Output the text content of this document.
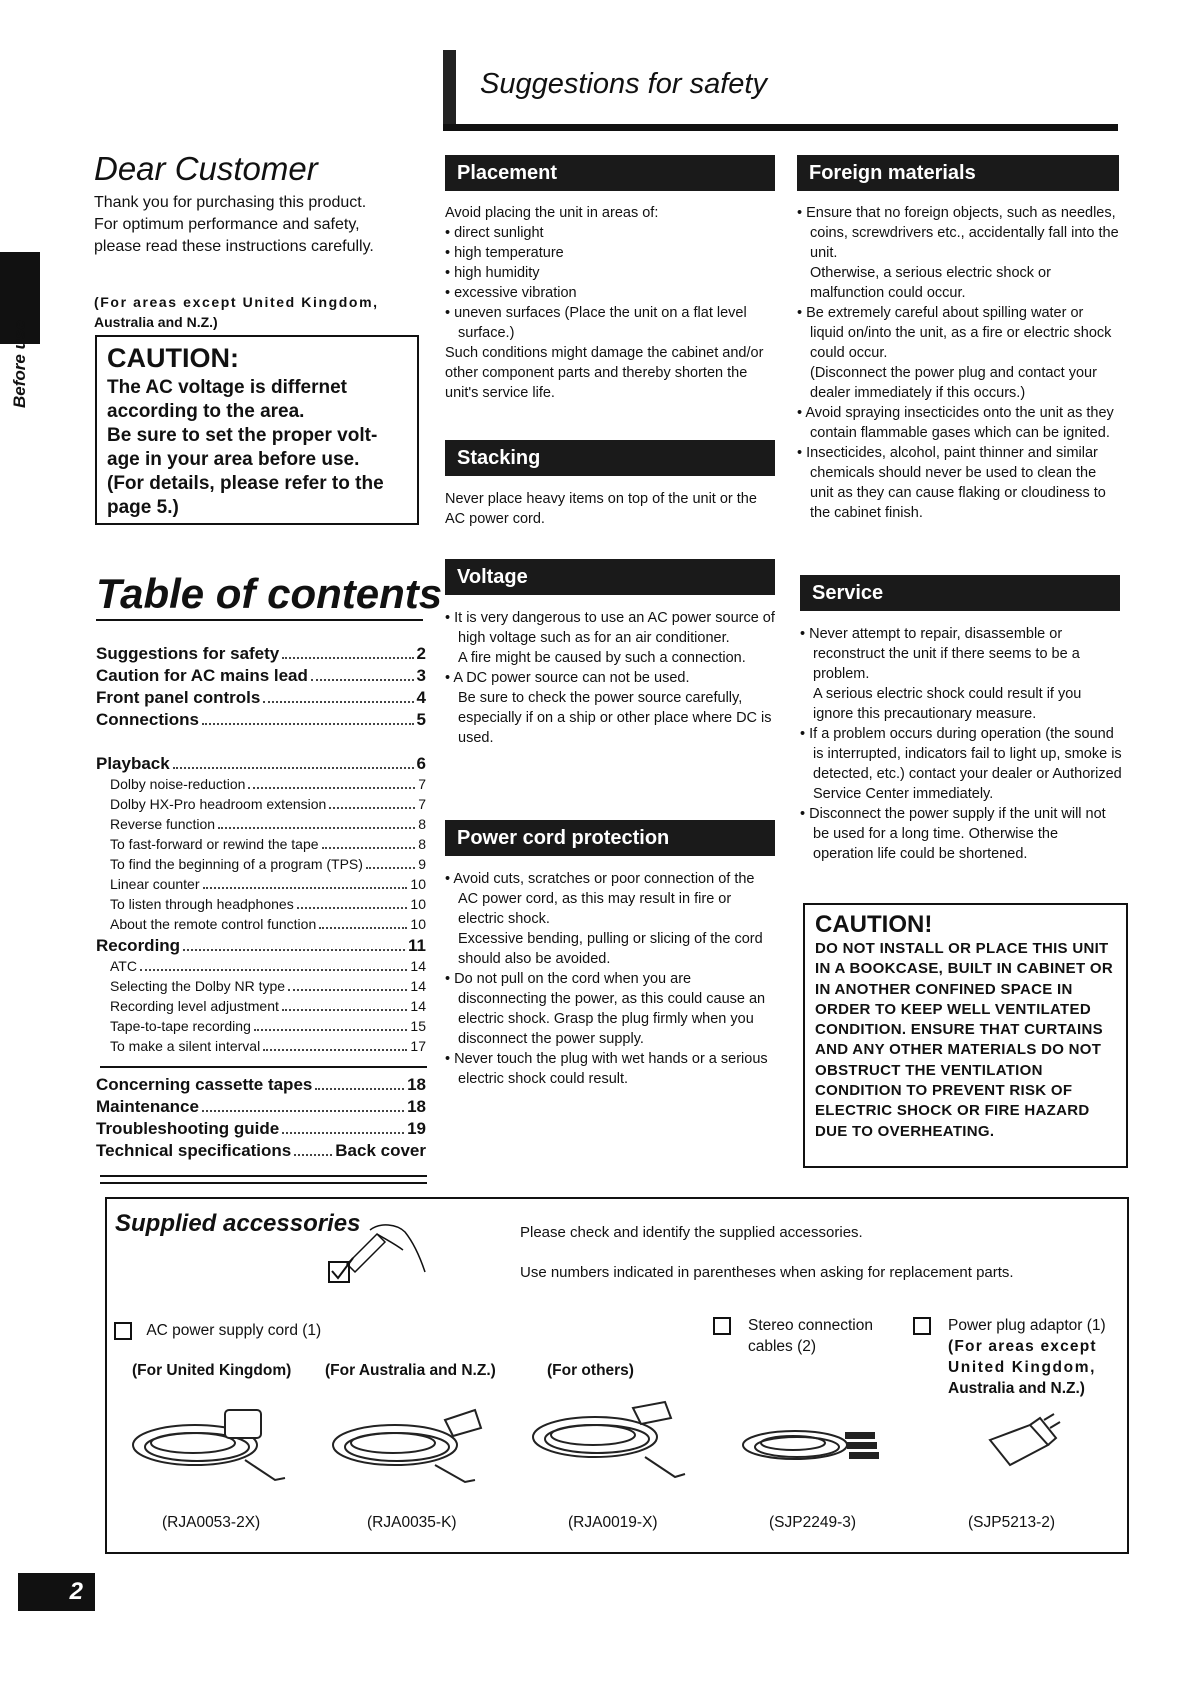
Before use
Suggestions for safety
Dear Customer
Thank you for purchasing this product.
For optimum performance and safety,
please read these instructions carefully.
(For areas except United Kingdom,
Australia and N.Z.)
CAUTION:
The AC voltage is differnet
according to the area.
Be sure to set the proper volt-
age in your area before use.
(For details, please refer to the
page 5.)
Table of contents
Suggestions for safety	2
Caution for AC mains lead	3
Front panel controls	4
Connections	5
Playback	6
Dolby noise-reduction	7
Dolby HX-Pro headroom extension	7
Reverse function	8
To fast-forward or rewind the tape	8
To find the beginning of a program (TPS)	9
Linear counter	10
To listen through headphones	10
About the remote control function	10
Recording	11
ATC	14
Selecting the Dolby NR type	14
Recording level adjustment	14
Tape-to-tape recording	15
To make a silent interval	17
Concerning cassette tapes	18
Maintenance	18
Troubleshooting guide	19
Technical specifications	Back cover
Placement

Avoid placing the unit in areas of:

• direct sunlight

• high temperature

• high humidity

• excessive vibration

• uneven surfaces (Place the unit on a flat level surface.)

Such conditions might damage the cabinet and/or other component parts and thereby shorten the unit's service life.

Stacking
Never place heavy items on top of the unit or the AC power cord.
Voltage

• It is very dangerous to use an AC power source of high voltage such as for an air conditioner.

A fire might be caused by such a connection.

• A DC power source can not be used.

Be sure to check the power source carefully, especially if on a ship or other place where DC is used.

Power cord protection

• Avoid cuts, scratches or poor connection of the AC power cord, as this may result in fire or electric shock.

Excessive bending, pulling or slicing of the cord should also be avoided.

• Do not pull on the cord when you are disconnecting the power, as this could cause an electric shock. Grasp the plug firmly when you disconnect the power supply.

• Never touch the plug with wet hands or a serious electric shock could result.

Foreign materials

• Ensure that no foreign objects, such as needles, coins, screwdrivers etc., accidentally fall into the unit.

Otherwise, a serious electric shock or malfunction could occur.

• Be extremely careful about spilling water or liquid on/into the unit, as a fire or electric shock could occur.

(Disconnect the power plug and contact your dealer immediately if this occurs.)

• Avoid spraying insecticides onto the unit as they contain flammable gases which can be ignited.

• Insecticides, alcohol, paint thinner and similar chemicals should never be used to clean the unit as they can cause flaking or cloudiness to the cabinet finish.

Service

• Never attempt to repair, disassemble or reconstruct the unit if there seems to be a problem.

A serious electric shock could result if you ignore this precautionary measure.

• If a problem occurs during operation (the sound is interrupted, indicators fail to light up, smoke is detected, etc.) contact your dealer or Authorized Service Center immediately.

• Disconnect the power supply if the unit will not be used for a long time. Otherwise the operation life could be shortened.

CAUTION!
DO NOT INSTALL OR PLACE THIS UNIT IN A BOOKCASE, BUILT IN CABINET OR IN ANOTHER CONFINED SPACE IN ORDER TO KEEP WELL VENTILATED CONDITION. ENSURE THAT CURTAINS AND ANY OTHER MATERIALS DO NOT OBSTRUCT THE VENTILATION CONDITION TO PREVENT RISK OF ELECTRIC SHOCK OR FIRE HAZARD DUE TO OVERHEATING.
Supplied accessories	Please check and identify the supplied accessories.
Use numbers indicated in parentheses when asking for replacement parts.
AC power supply cord (1)	Stereo connection
cables (2)
Power plug adaptor (1)
(For areas except
United Kingdom,
Australia and N.Z.)
(For United Kingdom) (For Australia and N.Z.)	(For others)
(RJA0053-2X)	(RJA0035-K)	(RJA0019-X)	(SJP2249-3)	(SJP5213-2)
2
